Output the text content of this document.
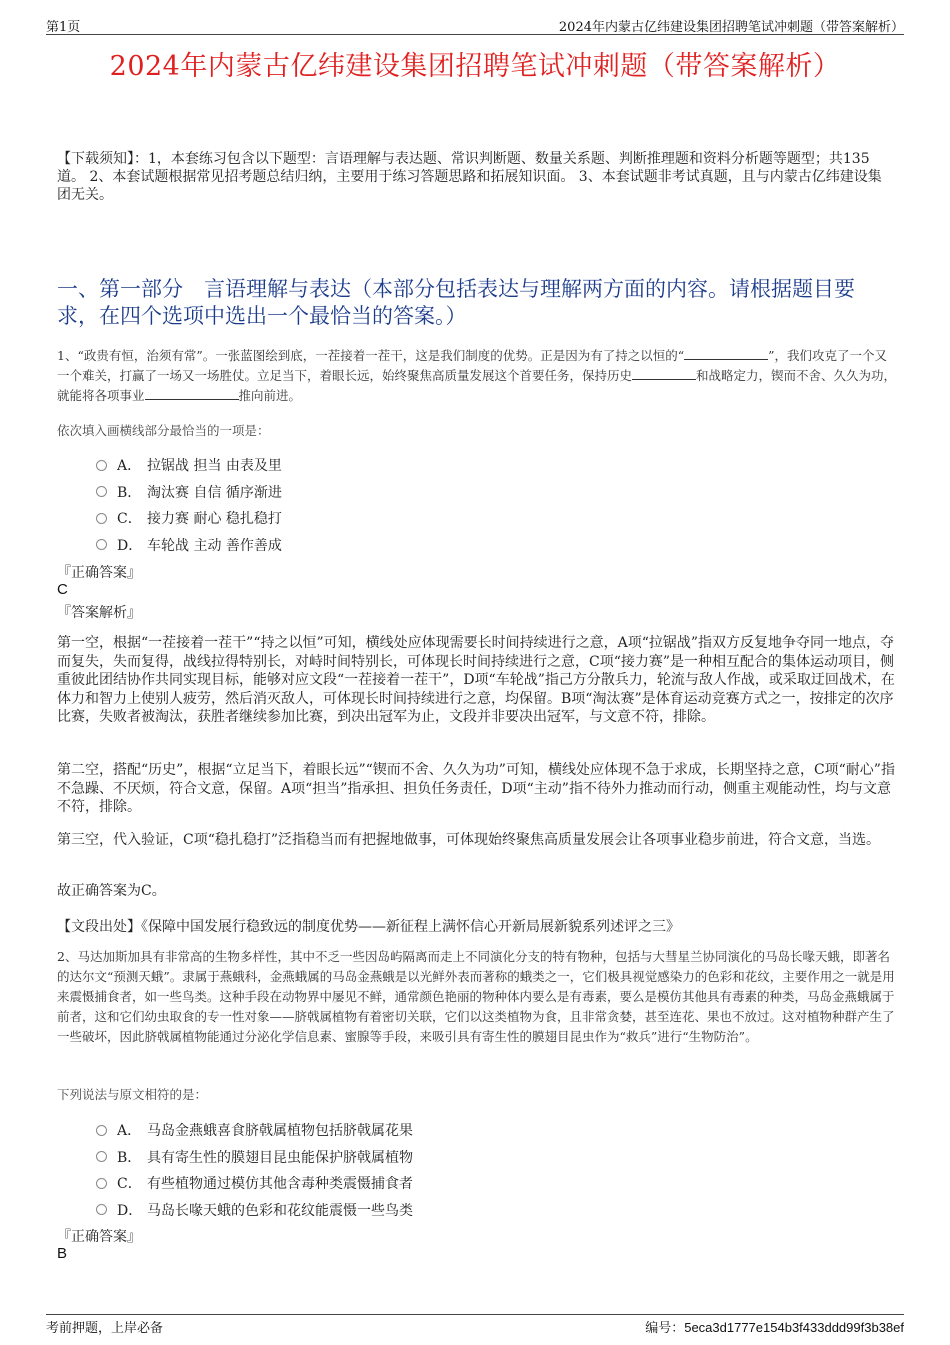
第1页	2024年内蒙古亿纬建设集团招聘笔试冲刺题（带答案解析）
2024年内蒙古亿纬建设集团招聘笔试冲刺题（带答案解析）
【下载须知】：1，本套练习包含以下题型：言语理解与表达题、常识判断题、数量关系题、判断推理题和资料分析题等题型；共135道。 2、本套试题根据常见招考题总结归纳，主要用于练习答题思路和拓展知识面。 3、本套试题非考试真题，且与内蒙古亿纬建设集团无关。
一、第一部分　言语理解与表达（本部分包括表达与理解两方面的内容。请根据题目要求，在四个选项中选出一个最恰当的答案。）
1、“政贵有恒，治须有常”。一张蓝图绘到底，一茬接着一茬干，这是我们制度的优势。正是因为有了持之以恒的“	”，我们攻克了一个又一个难关，打赢了一场又一场胜仗。立足当下，着眼长远，始终聚焦高质量发展这个首要任务，保持历史	和战略定力，锲而不舍、久久为功，就能将各项事业	推向前进。
依次填入画横线部分最恰当的一项是：
A． 拉锯战 担当 由表及里
B． 淘汰赛 自信 循序渐进
C． 接力赛 耐心 稳扎稳打
D． 车轮战 主动 善作善成
『正确答案』
C
『答案解析』
第一空，根据“一茬接着一茬干”“持之以恒”可知，横线处应体现需要长时间持续进行之意，A项“拉锯战”指双方反复地争夺同一地点，夺而复失，失而复得，战线拉得特别长，对峙时间特别长，可体现长时间持续进行之意，C项“接力赛”是一种相互配合的集体运动项目，侧重彼此团结协作共同实现目标，能够对应文段“一茬接着一茬干”，D项“车轮战”指己方分散兵力，轮流与敌人作战，或采取迂回战术，在体力和智力上使别人疲劳，然后消灭敌人，可体现长时间持续进行之意，均保留。B项“淘汰赛”是体育运动竞赛方式之一，按排定的次序比赛，失败者被淘汰，获胜者继续参加比赛，到决出冠军为止，文段并非要决出冠军，与文意不符，排除。
第二空，搭配“历史”，根据“立足当下，着眼长远”“锲而不舍、久久为功”可知，横线处应体现不急于求成，长期坚持之意，C项“耐心”指不急躁、不厌烦，符合文意，保留。A项“担当”指承担、担负任务责任，D项“主动”指不待外力推动而行动，侧重主观能动性，均与文意不符，排除。
第三空，代入验证，C项“稳扎稳打”泛指稳当而有把握地做事，可体现始终聚焦高质量发展会让各项事业稳步前进，符合文意，当选。
故正确答案为C。
【文段出处】《保障中国发展行稳致远的制度优势——新征程上满怀信心开新局展新貌系列述评之三》
2、马达加斯加具有非常高的生物多样性，其中不乏一些因岛屿隔离而走上不同演化分支的特有物种，包括与大彗星兰协同演化的马岛长喙天蛾，即著名的达尔文“预测天蛾”。隶属于燕蛾科，金燕蛾属的马岛金燕蛾是以光鲜外表而著称的蛾类之一，它们极具视觉感染力的色彩和花纹，主要作用之一就是用来震慑捕食者，如一些鸟类。这种手段在动物界中屡见不鲜，通常颜色艳丽的物种体内要么是有毒素，要么是模仿其他具有毒素的种类，马岛金燕蛾属于前者，这和它们幼虫取食的专一性对象——脐戟属植物有着密切关联，它们以这类植物为食，且非常贪婪，甚至连花、果也不放过。这对植物种群产生了一些破坏，因此脐戟属植物能通过分泌化学信息素、蜜腺等手段，来吸引具有寄生性的膜翅目昆虫作为“救兵”进行“生物防治”。
下列说法与原文相符的是：
A． 马岛金燕蛾喜食脐戟属植物包括脐戟属花果
B． 具有寄生性的膜翅目昆虫能保护脐戟属植物
C． 有些植物通过模仿其他含毒种类震慑捕食者
D． 马岛长喙天蛾的色彩和花纹能震慑一些鸟类
『正确答案』
B
考前押题，上岸必备	编号：5eca3d1777e154b3f433ddd99f3b38ef
